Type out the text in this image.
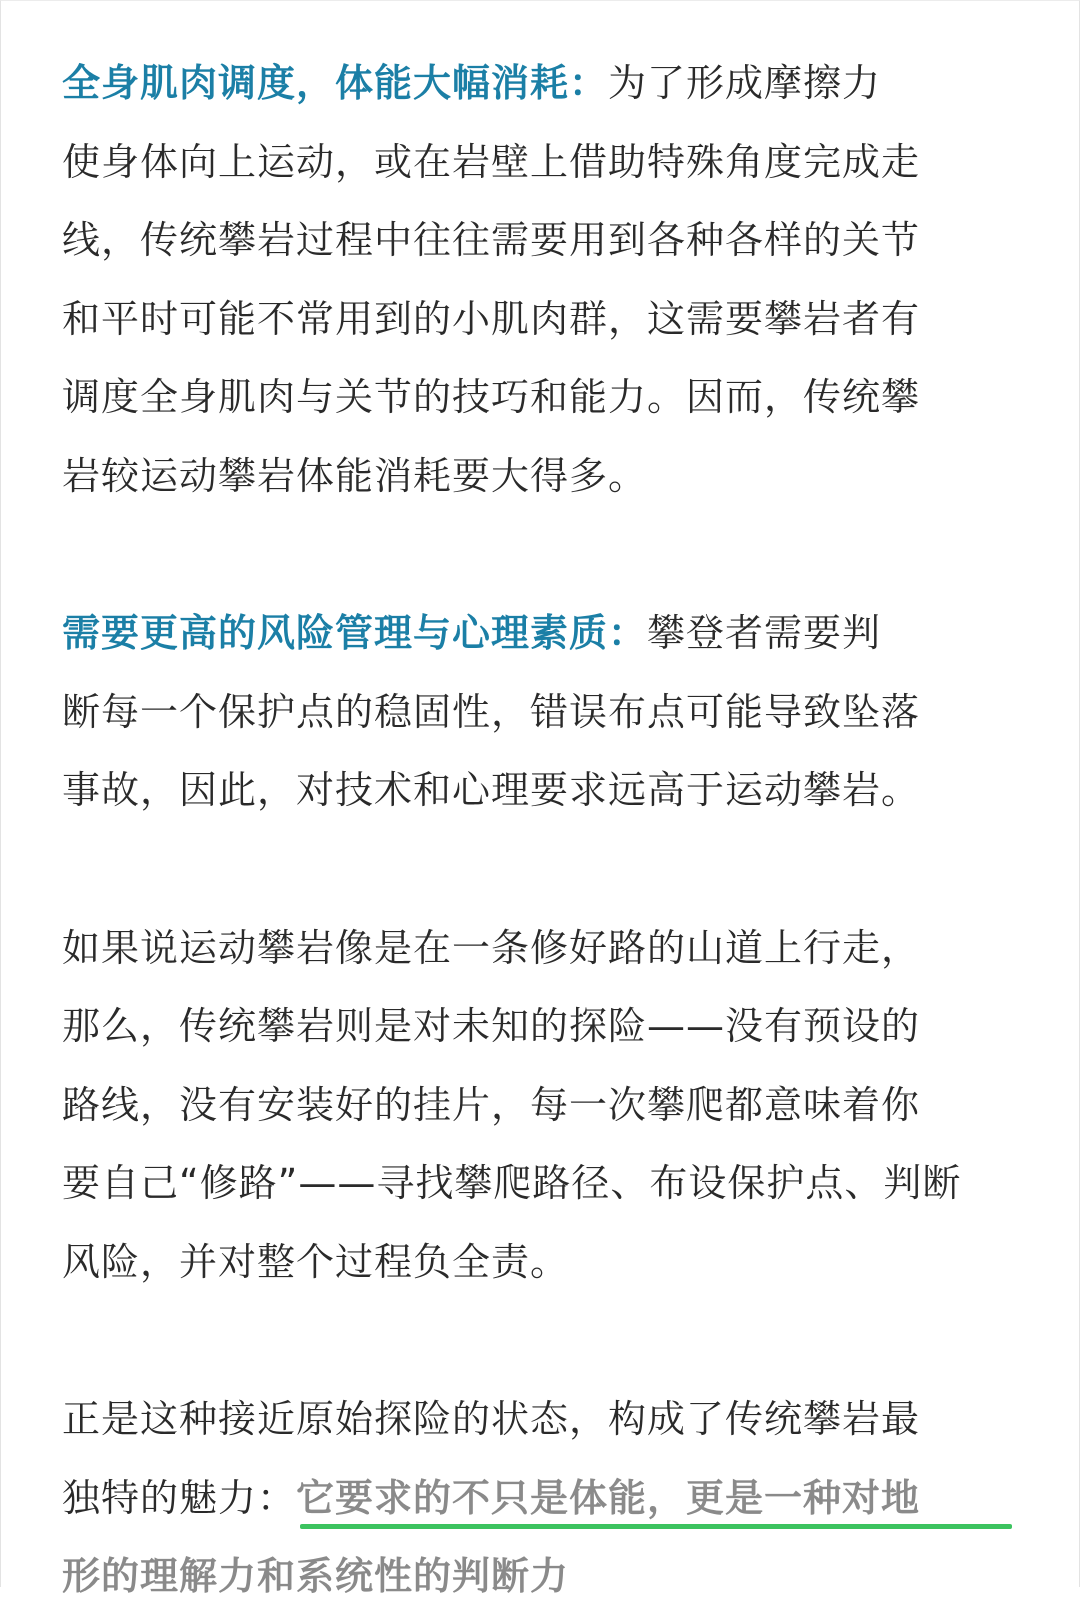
全身肌肉调度，体能大幅消耗：为了形成摩擦力
使身体向上运动，或在岩壁上借助特殊角度完成走
线，传统攀岩过程中往往需要用到各种各样的关节
和平时可能不常用到的小肌肉群，这需要攀岩者有
调度全身肌肉与关节的技巧和能力。因而，传统攀
岩较运动攀岩体能消耗要大得多。

需要更高的风险管理与心理素质：攀登者需要判
断每一个保护点的稳固性，错误布点可能导致坠落
事故，因此，对技术和心理要求远高于运动攀岩。

如果说运动攀岩像是在一条修好路的山道上行走，
那么，传统攀岩则是对未知的探险——没有预设的
路线，没有安装好的挂片，每一次攀爬都意味着你
要自己“修路”——寻找攀爬路径、布设保护点、判断
风险，并对整个过程负全责。

正是这种接近原始探险的状态，构成了传统攀岩最
独特的魅力：它要求的不只是体能，更是一种对地
形的理解力和系统性的判断力
